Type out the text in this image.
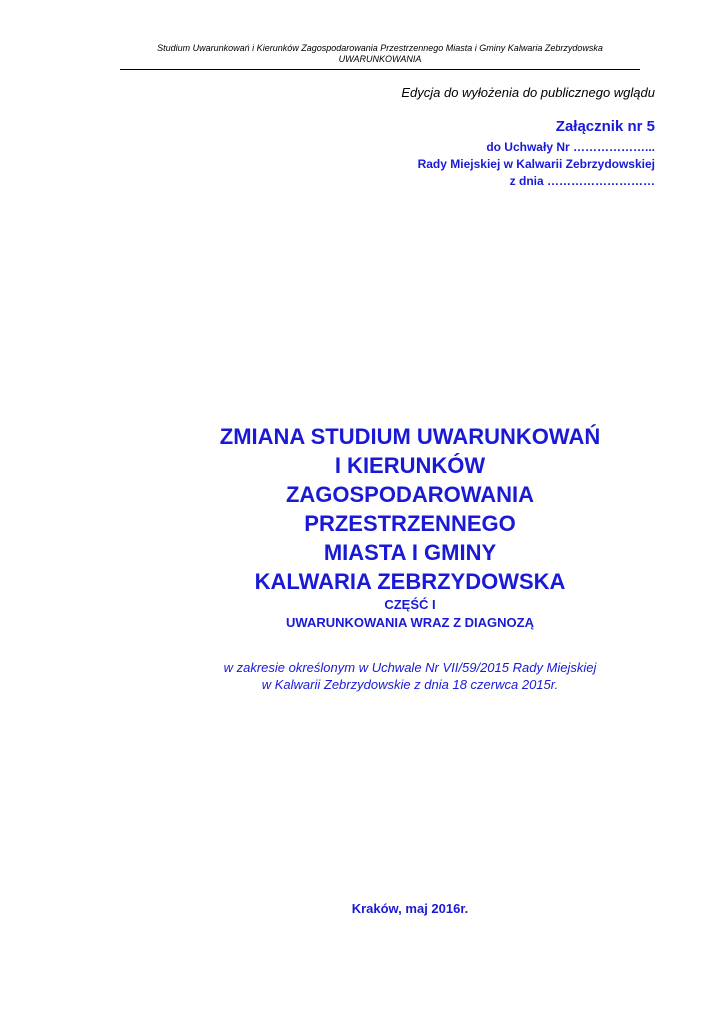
Studium Uwarunkowań i Kierunków Zagospodarowania Przestrzennego Miasta i Gminy Kalwaria Zebrzydowska
UWARUNKOWANIA
Edycja do wyłożenia do publicznego wglądu
Załącznik nr 5
do Uchwały Nr ………………...
Rady Miejskiej w Kalwarii Zebrzydowskiej
z dnia ………………………
ZMIANA STUDIUM UWARUNKOWAŃ
I KIERUNKÓW
ZAGOSPODAROWANIA
PRZESTRZENNEGO
MIASTA I GMINY
KALWARIA ZEBRZYDOWSKA
CZĘŚĆ I
UWARUNKOWANIA WRAZ Z DIAGNOZĄ
w zakresie określonym w Uchwale Nr VII/59/2015 Rady Miejskiej
w Kalwarii Zebrzydowskie z dnia 18 czerwca 2015r.
Kraków, maj 2016r.
